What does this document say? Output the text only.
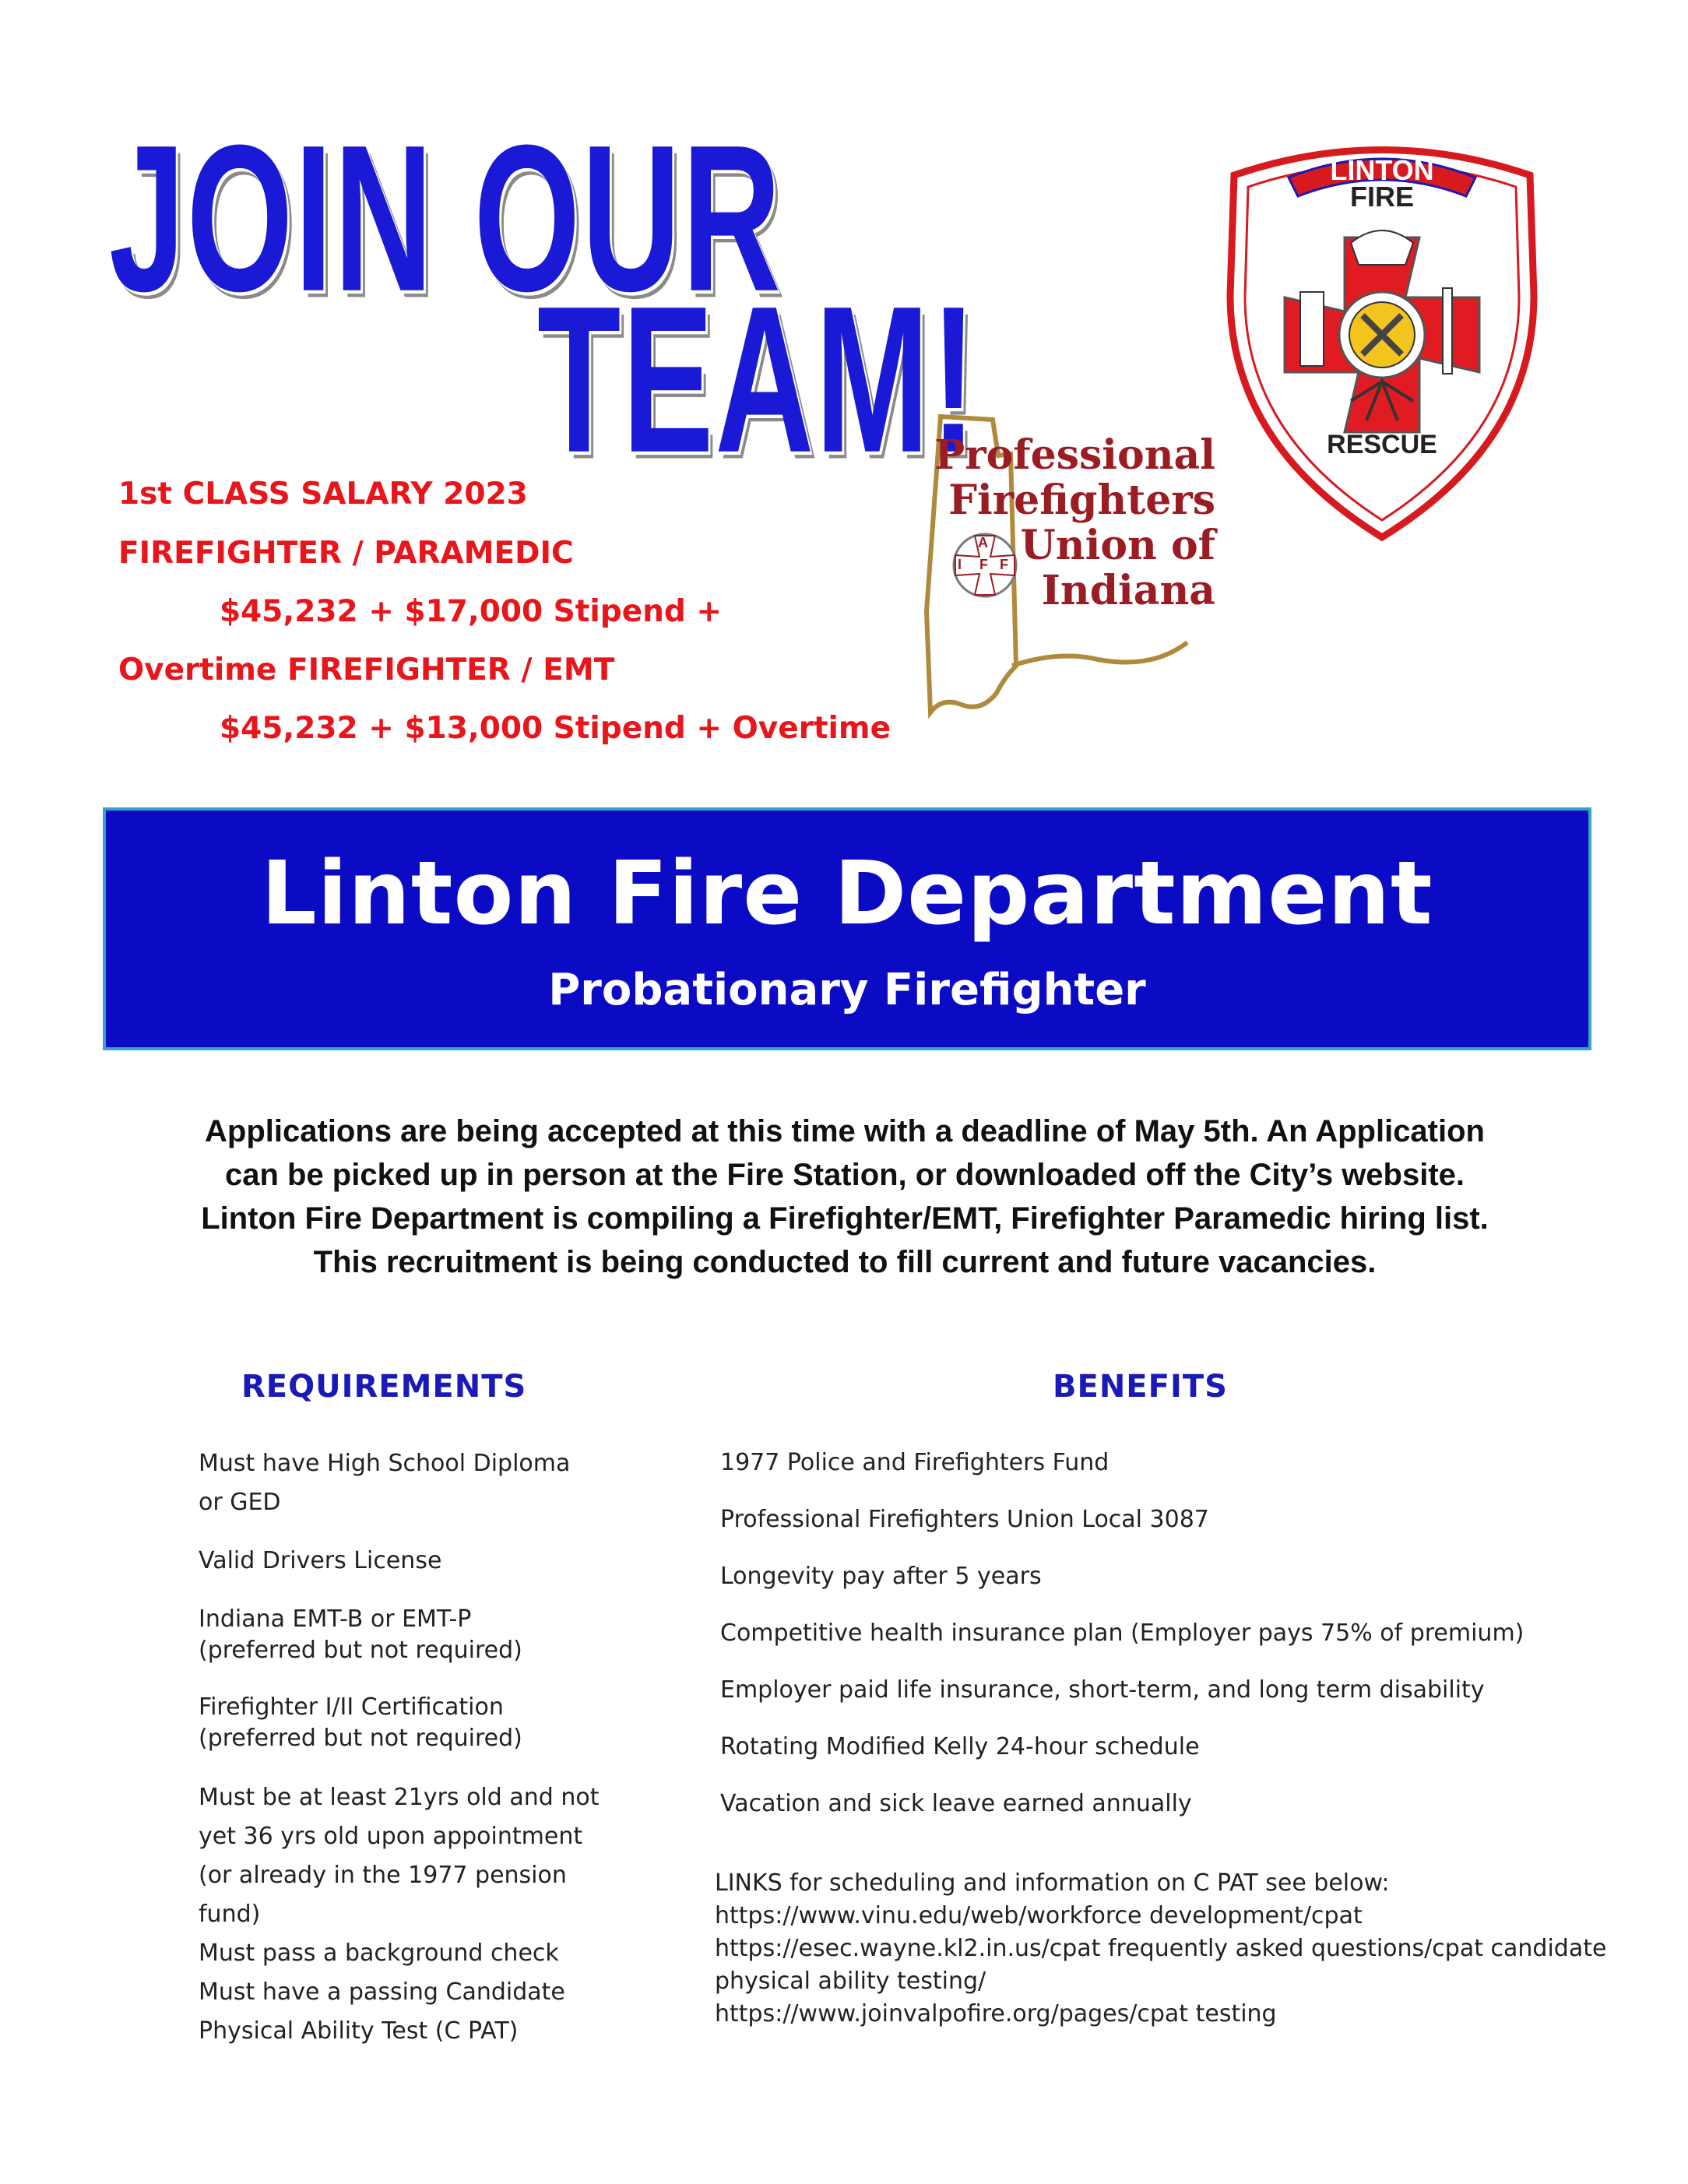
JOIN OUR
TEAM!
LINTON
FIRE
RESCUE
A
I F F
Professional
Firefighters
Union of
Indiana
1st CLASS SALARY 2023
FIREFIGHTER / PARAMEDIC
$45,232 + $17,000 Stipend +
Overtime FIREFIGHTER / EMT
$45,232 + $13,000 Stipend + Overtime
Linton Fire Department
Probationary Firefighter
Applications are being accepted at this time with a deadline of May 5th. An Application
can be picked up in person at the Fire Station, or downloaded off the City’s website.
Linton Fire Department is compiling a Firefighter/EMT, Firefighter Paramedic hiring list.
This recruitment is being conducted to fill current and future vacancies.
REQUIREMENTS	BENEFITS
Must have High School Diploma
or GED
Valid Drivers License
Indiana EMT-B or EMT-P
(preferred but not required)
Firefighter I/II Certification
(preferred but not required)
Must be at least 21yrs old and not
yet 36 yrs old upon appointment
(or already in the 1977 pension
fund)
Must pass a background check
Must have a passing Candidate
Physical Ability Test (C PAT)
1977 Police and Firefighters Fund
Professional Firefighters Union Local 3087
Longevity pay after 5 years
Competitive health insurance plan (Employer pays 75% of premium)
Employer paid life insurance, short-term, and long term disability
Rotating Modified Kelly 24-hour schedule
Vacation and sick leave earned annually
LINKS for scheduling and information on C PAT see below:
https://www.vinu.edu/web/workforce development/cpat
https://esec.wayne.kl2.in.us/cpat frequently asked questions/cpat candidate
physical ability testing/
https://www.joinvalpofire.org/pages/cpat testing
